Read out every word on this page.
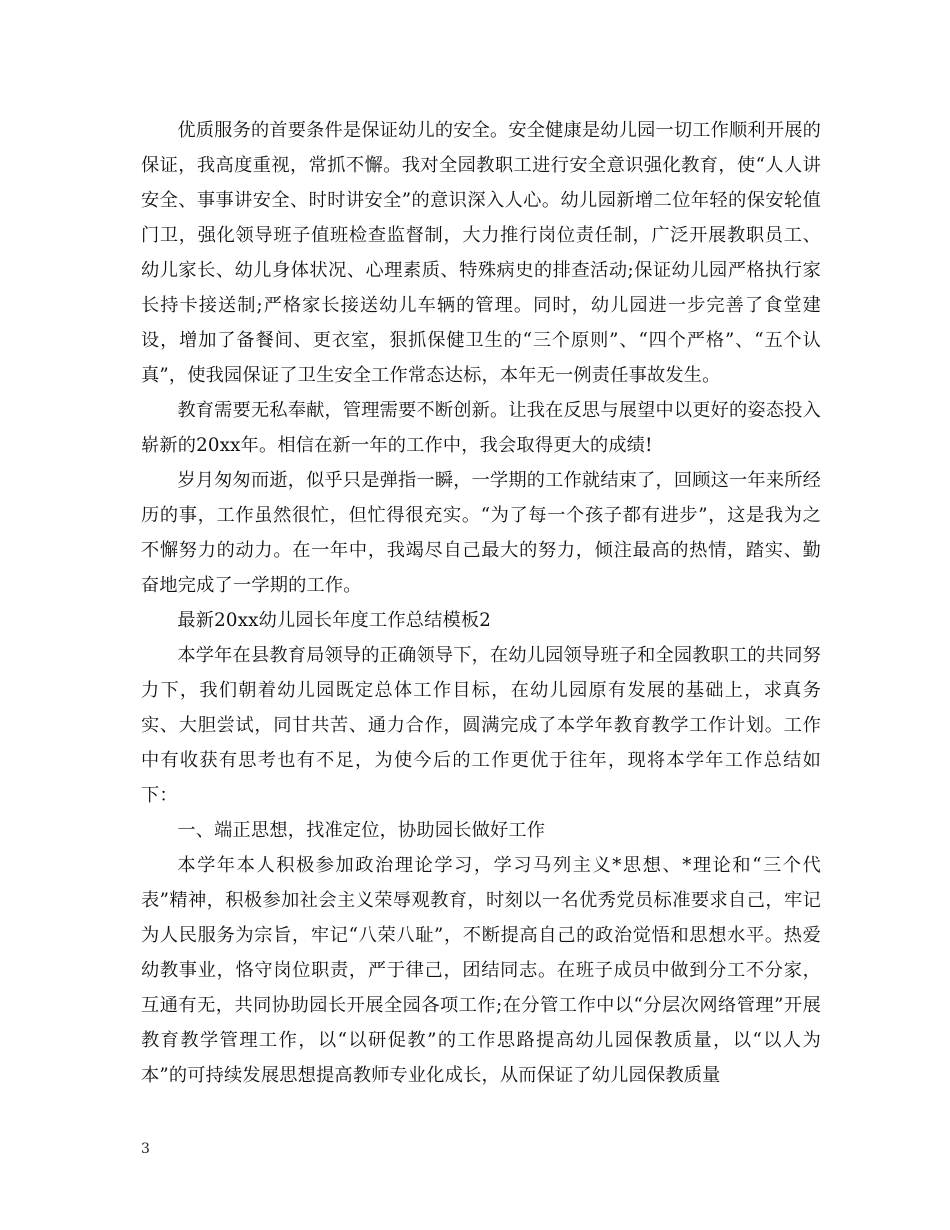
优质服务的首要条件是保证幼儿的安全。安全健康是幼儿园一切工作顺利开展的保证，我高度重视，常抓不懈。我对全园教职工进行安全意识强化教育，使“人人讲安全、事事讲安全、时时讲安全”的意识深入人心。幼儿园新增二位年轻的保安轮值门卫，强化领导班子值班检查监督制，大力推行岗位责任制，广泛开展教职员工、幼儿家长、幼儿身体状况、心理素质、特殊病史的排查活动;保证幼儿园严格执行家长持卡接送制;严格家长接送幼儿车辆的管理。同时，幼儿园进一步完善了食堂建设，增加了备餐间、更衣室，狠抓保健卫生的“三个原则”、“四个严格”、“五个认真”，使我园保证了卫生安全工作常态达标，本年无一例责任事故发生。

教育需要无私奉献，管理需要不断创新。让我在反思与展望中以更好的姿态投入崭新的20xx年。相信在新一年的工作中，我会取得更大的成绩!

岁月匆匆而逝，似乎只是弹指一瞬，一学期的工作就结束了，回顾这一年来所经历的事，工作虽然很忙，但忙得很充实。“为了每一个孩子都有进步”，这是我为之不懈努力的动力。在一年中，我竭尽自己最大的努力，倾注最高的热情，踏实、勤奋地完成了一学期的工作。

最新20xx幼儿园长年度工作总结模板2

本学年在县教育局领导的正确领导下，在幼儿园领导班子和全园教职工的共同努力下，我们朝着幼儿园既定总体工作目标，在幼儿园原有发展的基础上，求真务实、大胆尝试，同甘共苦、通力合作，圆满完成了本学年教育教学工作计划。工作中有收获有思考也有不足，为使今后的工作更优于往年，现将本学年工作总结如下：

一、端正思想，找准定位，协助园长做好工作

本学年本人积极参加政治理论学习，学习马列主义*思想、*理论和“三个代表”精神，积极参加社会主义荣辱观教育，时刻以一名优秀党员标准要求自己，牢记为人民服务为宗旨，牢记“八荣八耻”，不断提高自己的政治觉悟和思想水平。热爱幼教事业，恪守岗位职责，严于律己，团结同志。在班子成员中做到分工不分家，互通有无，共同协助园长开展全园各项工作;在分管工作中以“分层次网络管理”开展教育教学管理工作，以“以研促教”的工作思路提高幼儿园保教质量，以“以人为本”的可持续发展思想提高教师专业化成长，从而保证了幼儿园保教质量

3
